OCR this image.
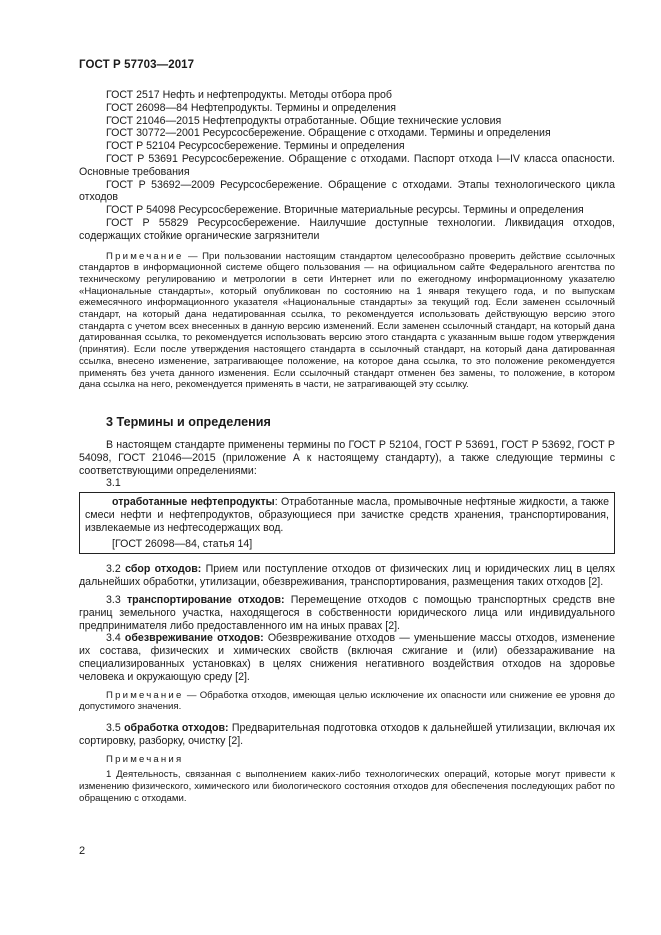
ГОСТ Р 57703—2017

ГОСТ 2517 Нефть и нефтепродукты. Методы отбора проб

ГОСТ 26098—84 Нефтепродукты. Термины и определения

ГОСТ 21046—2015 Нефтепродукты отработанные. Общие технические условия

ГОСТ 30772—2001 Ресурсосбережение. Обращение с отходами. Термины и определения

ГОСТ Р 52104 Ресурсосбережение. Термины и определения

ГОСТ Р 53691 Ресурсосбережение. Обращение с отходами. Паспорт отхода I—IV класса опасности. Основные требования

ГОСТ Р 53692—2009 Ресурсосбережение. Обращение с отходами. Этапы технологического цикла отходов

ГОСТ Р 54098 Ресурсосбережение. Вторичные материальные ресурсы. Термины и определения

ГОСТ Р 55829 Ресурсосбережение. Наилучшие доступные технологии. Ликвидация отходов, содержащих стойкие органические загрязнители

Примечание — При пользовании настоящим стандартом целесообразно проверить действие ссылочных стандартов в информационной системе общего пользования — на официальном сайте Федерального агентства по техническому регулированию и метрологии в сети Интернет или по ежегодному информационному указателю «Национальные стандарты», который опубликован по состоянию на 1 января текущего года, и по выпускам ежемесячного информационного указателя «Национальные стандарты» за текущий год. Если заменен ссылочный стандарт, на который дана недатированная ссылка, то рекомендуется использовать действующую версию этого стандарта с учетом всех внесенных в данную версию изменений. Если заменен ссылочный стандарт, на который дана датированная ссылка, то рекомендуется использовать версию этого стандарта с указанным выше годом утверждения (принятия). Если после утверждения настоящего стандарта в ссылочный стандарт, на который дана датированная ссылка, внесено изменение, затрагивающее положение, на которое дана ссылка, то это положение рекомендуется применять без учета данного изменения. Если ссылочный стандарт отменен без замены, то положение, в котором дана ссылка на него, рекомендуется применять в части, не затрагивающей эту ссылку.

3 Термины и определения

В настоящем стандарте применены термины по ГОСТ Р 52104, ГОСТ Р 53691, ГОСТ Р 53692, ГОСТ Р 54098, ГОСТ 21046—2015 (приложение А к настоящему стандарту), а также следующие термины с соответствующими определениями:

3.1

отработанные нефтепродукты: Отработанные масла, промывочные нефтяные жидкости, а также смеси нефти и нефтепродуктов, образующиеся при зачистке средств хранения, транспортирования, извлекаемые из нефтесодержащих вод.

[ГОСТ 26098—84, статья 14]

3.2 сбор отходов: Прием или поступление отходов от физических лиц и юридических лиц в целях дальнейших обработки, утилизации, обезвреживания, транспортирования, размещения таких отходов [2].

3.3 транспортирование отходов: Перемещение отходов с помощью транспортных средств вне границ земельного участка, находящегося в собственности юридического лица или индивидуального предпринимателя либо предоставленного им на иных правах [2].

3.4 обезвреживание отходов: Обезвреживание отходов — уменьшение массы отходов, изменение их состава, физических и химических свойств (включая сжигание и (или) обеззараживание на специализированных установках) в целях снижения негативного воздействия отходов на здоровье человека и окружающую среду [2].

Примечание — Обработка отходов, имеющая целью исключение их опасности или снижение ее уровня до допустимого значения.

3.5 обработка отходов: Предварительная подготовка отходов к дальнейшей утилизации, включая их сортировку, разборку, очистку [2].

Примечания

1 Деятельность, связанная с выполнением каких-либо технологических операций, которые могут привести к изменению физического, химического или биологического состояния отходов для обеспечения последующих работ по обращению с отходами.

2
